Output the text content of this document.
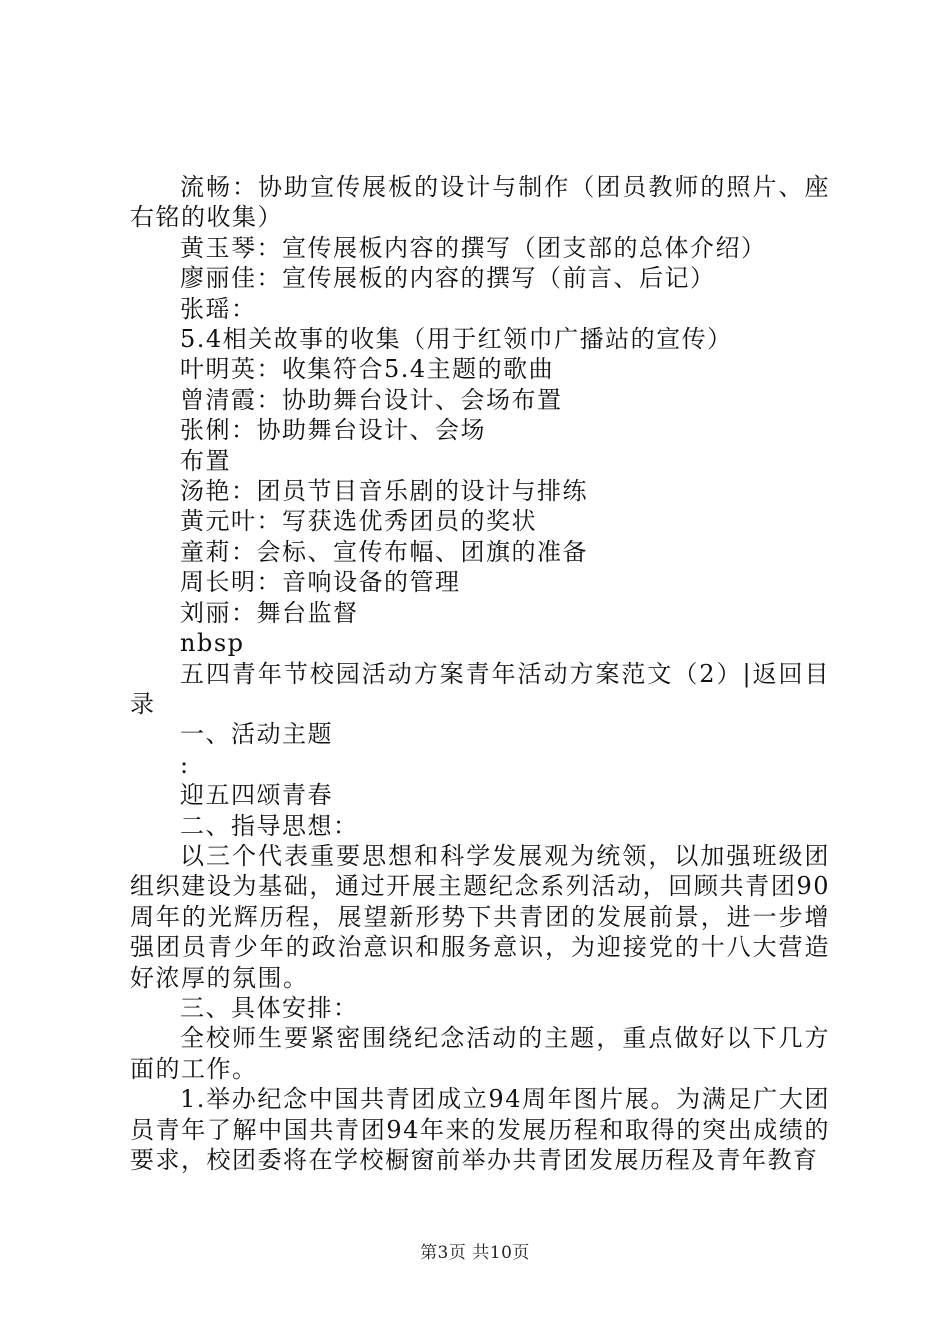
流畅：协助宣传展板的设计与制作（团员教师的照片、座右铭的收集）
黄玉琴：宣传展板内容的撰写（团支部的总体介绍）
廖丽佳：宣传展板的内容的撰写（前言、后记）
张瑶：
5.4相关故事的收集（用于红领巾广播站的宣传）
叶明英：收集符合5.4主题的歌曲
曾清霞：协助舞台设计、会场布置
张俐：协助舞台设计、会场
布置
汤艳：团员节目音乐剧的设计与排练
黄元叶：写获选优秀团员的奖状
童莉：会标、宣传布幅、团旗的准备
周长明：音响设备的管理
刘丽：舞台监督
nbsp
五四青年节校园活动方案青年活动方案范文（2）|返回目录
一、活动主题
:
迎五四颂青春
二、指导思想：
以三个代表重要思想和科学发展观为统领，以加强班级团组织建设为基础，通过开展主题纪念系列活动，回顾共青团90周年的光辉历程，展望新形势下共青团的发展前景，进一步增强团员青少年的政治意识和服务意识，为迎接党的十八大营造好浓厚的氛围。
三、具体安排：
全校师生要紧密围绕纪念活动的主题，重点做好以下几方面的工作。
1.举办纪念中国共青团成立94周年图片展。为满足广大团员青年了解中国共青团94年来的发展历程和取得的突出成绩的要求，校团委将在学校橱窗前举办共青团发展历程及青年教育
第3页 共10页
